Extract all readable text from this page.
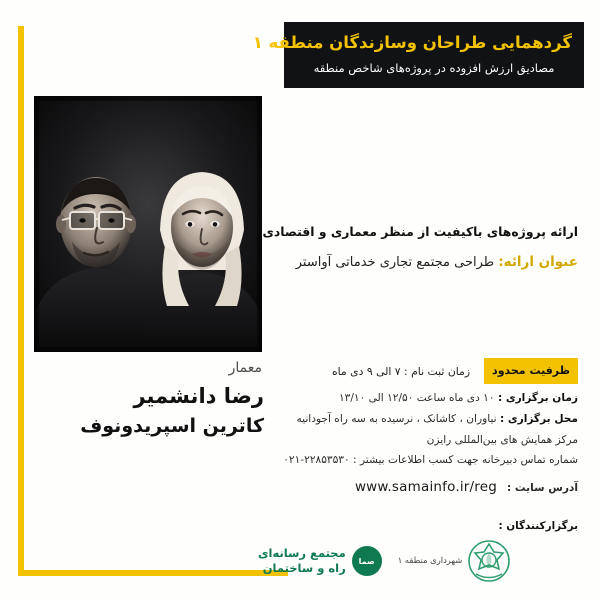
گردهمایی طراحان وسازندگان منطقه ۱
مصادیق ارزش افزوده در پروژه‌های شاخص منطقه
معمار
رضا دانشمیر
کاترین اسپریدونوف
ارائه پروژه‌های باکیفیت از منظر معماری و اقتصادی
عنوان ارائه: طراحی مجتمع تجاری خدماتی آواستر
ظرفیت محدود
زمان ثبت نام : ۷ الی ۹ دی ماه
زمان برگزاری : ۱۰ دی ماه ساعت ۱۲/۵۰ الی ۱۳/۱۰
محل برگزاری : نیاوران ، کاشانک ، نرسیده به سه راه آجودانیه
مرکز همایش های بین‌المللی رایزن
شماره تماس دبیرخانه جهت کسب اطلاعات بیشتر : ۲۲۸۵۳۵۳۰-۰۲۱
آدرس سایت :
www.samainfo.ir/reg
برگزارکنندگان :
صما
مجتمع رسانه‌ای
راه و ساختمان
شهرداری منطقه ۱
